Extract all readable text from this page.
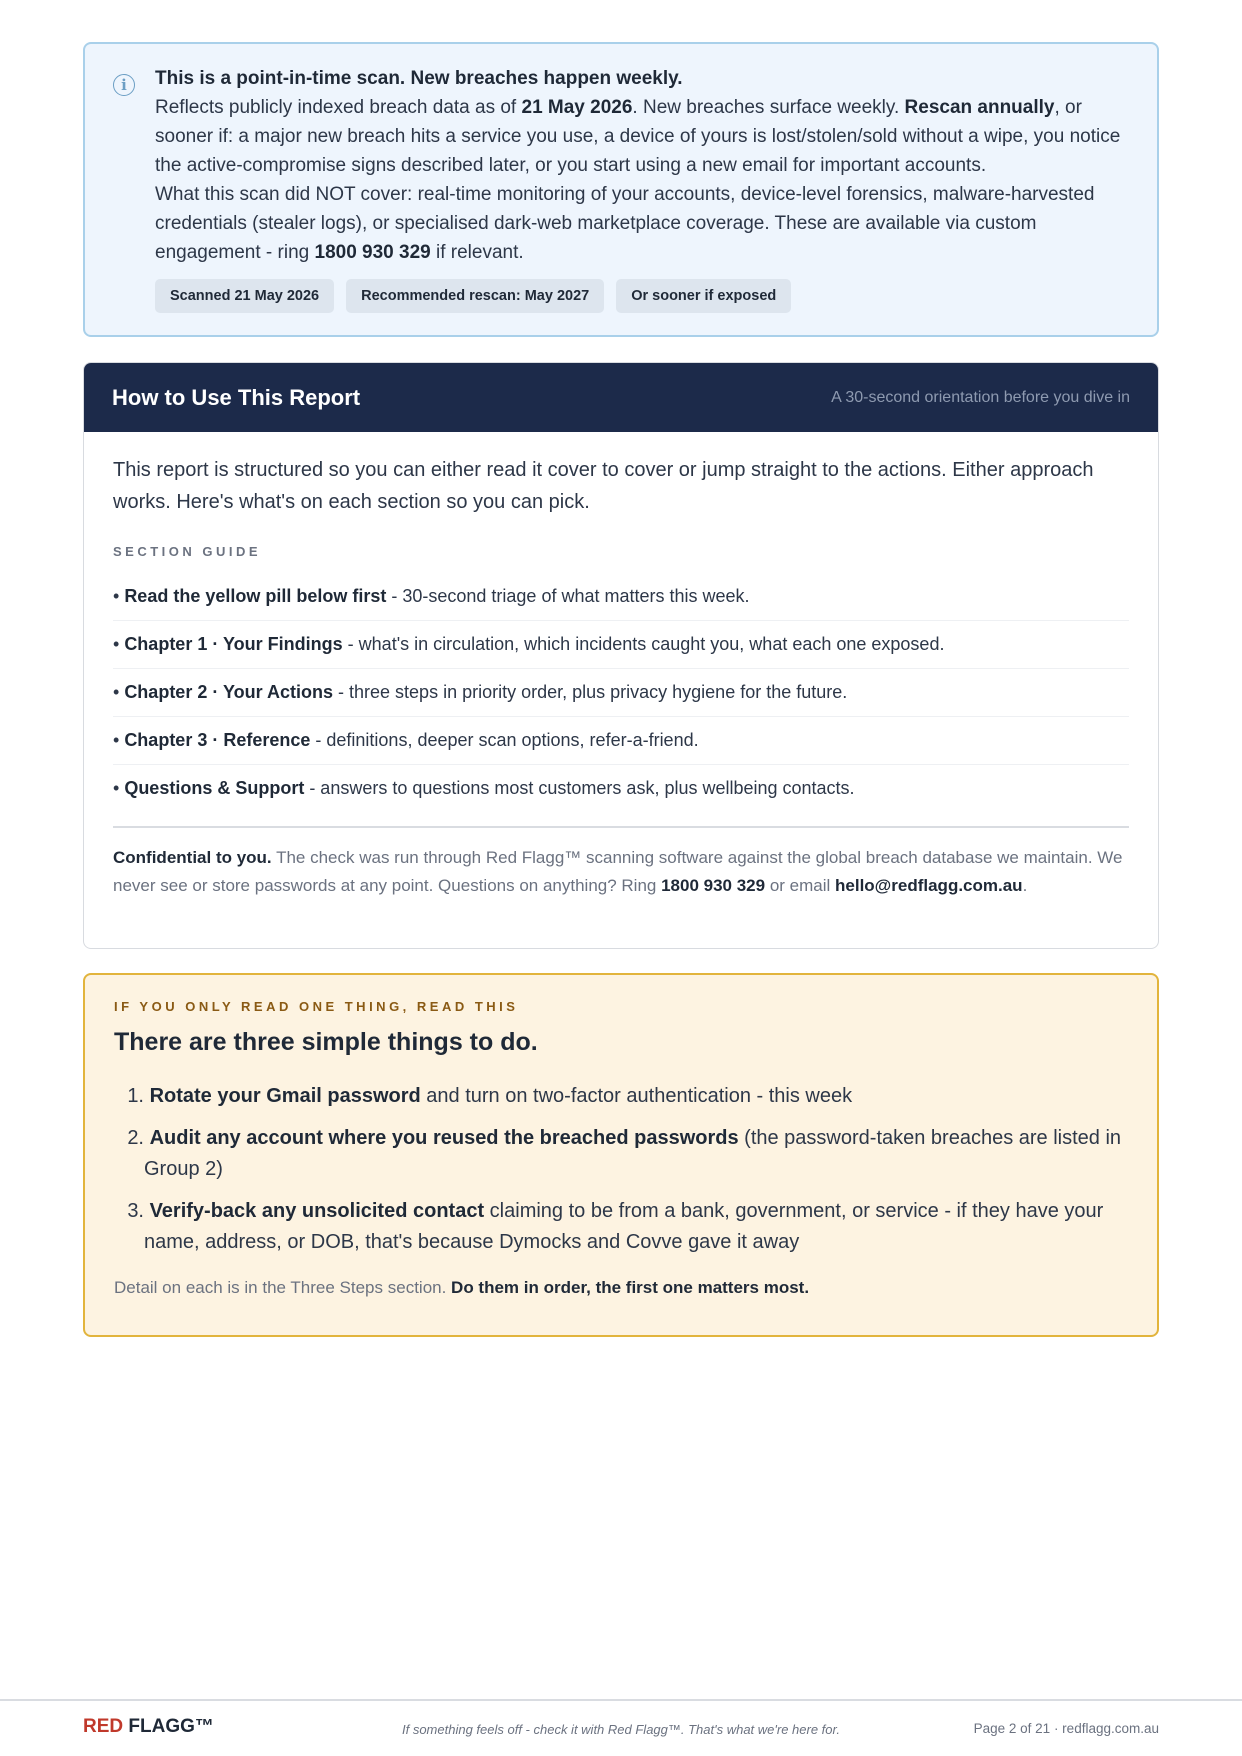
i	This is a point-in-time scan. New breaches happen weekly.

Reflects publicly indexed breach data as of 21 May 2026. New breaches surface weekly. Rescan annually, or sooner if: a major new breach hits a service you use, a device of yours is lost/stolen/sold without a wipe, you notice the active-compromise signs described later, or you start using a new email for important accounts.

What this scan did NOT cover: real-time monitoring of your accounts, device-level forensics, malware-harvested credentials (stealer logs), or specialised dark-web marketplace coverage. These are available via custom engagement - ring 1800 930 329 if relevant.

Scanned 21 May 2026	Recommended rescan: May 2027	Or sooner if exposed
How to Use This Report	A 30-second orientation before you dive in

This report is structured so you can either read it cover to cover or jump straight to the actions. Either approach works. Here's what's on each section so you can pick.

SECTION GUIDE
• Read the yellow pill below first - 30-second triage of what matters this week.
• Chapter 1 · Your Findings - what's in circulation, which incidents caught you, what each one exposed.
• Chapter 2 · Your Actions - three steps in priority order, plus privacy hygiene for the future.
• Chapter 3 · Reference - definitions, deeper scan options, refer-a-friend.
• Questions & Support - answers to questions most customers ask, plus wellbeing contacts.
Confidential to you. The check was run through Red Flagg™ scanning software against the global breach database we maintain. We never see or store passwords at any point. Questions on anything? Ring 1800 930 329 or email hello@redflagg.com.au.
IF YOU ONLY READ ONE THING, READ THIS
There are three simple things to do.
1. Rotate your Gmail password and turn on two-factor authentication - this week
2. Audit any account where you reused the breached passwords (the password-taken breaches are listed in Group 2)
3. Verify-back any unsolicited contact claiming to be from a bank, government, or service - if they have your name, address, or DOB, that's because Dymocks and Covve gave it away
Detail on each is in the Three Steps section. Do them in order, the first one matters most.
RED FLAGG™	If something feels off - check it with Red Flagg™. That's what we're here for.	Page 2 of 21 · redflagg.com.au
